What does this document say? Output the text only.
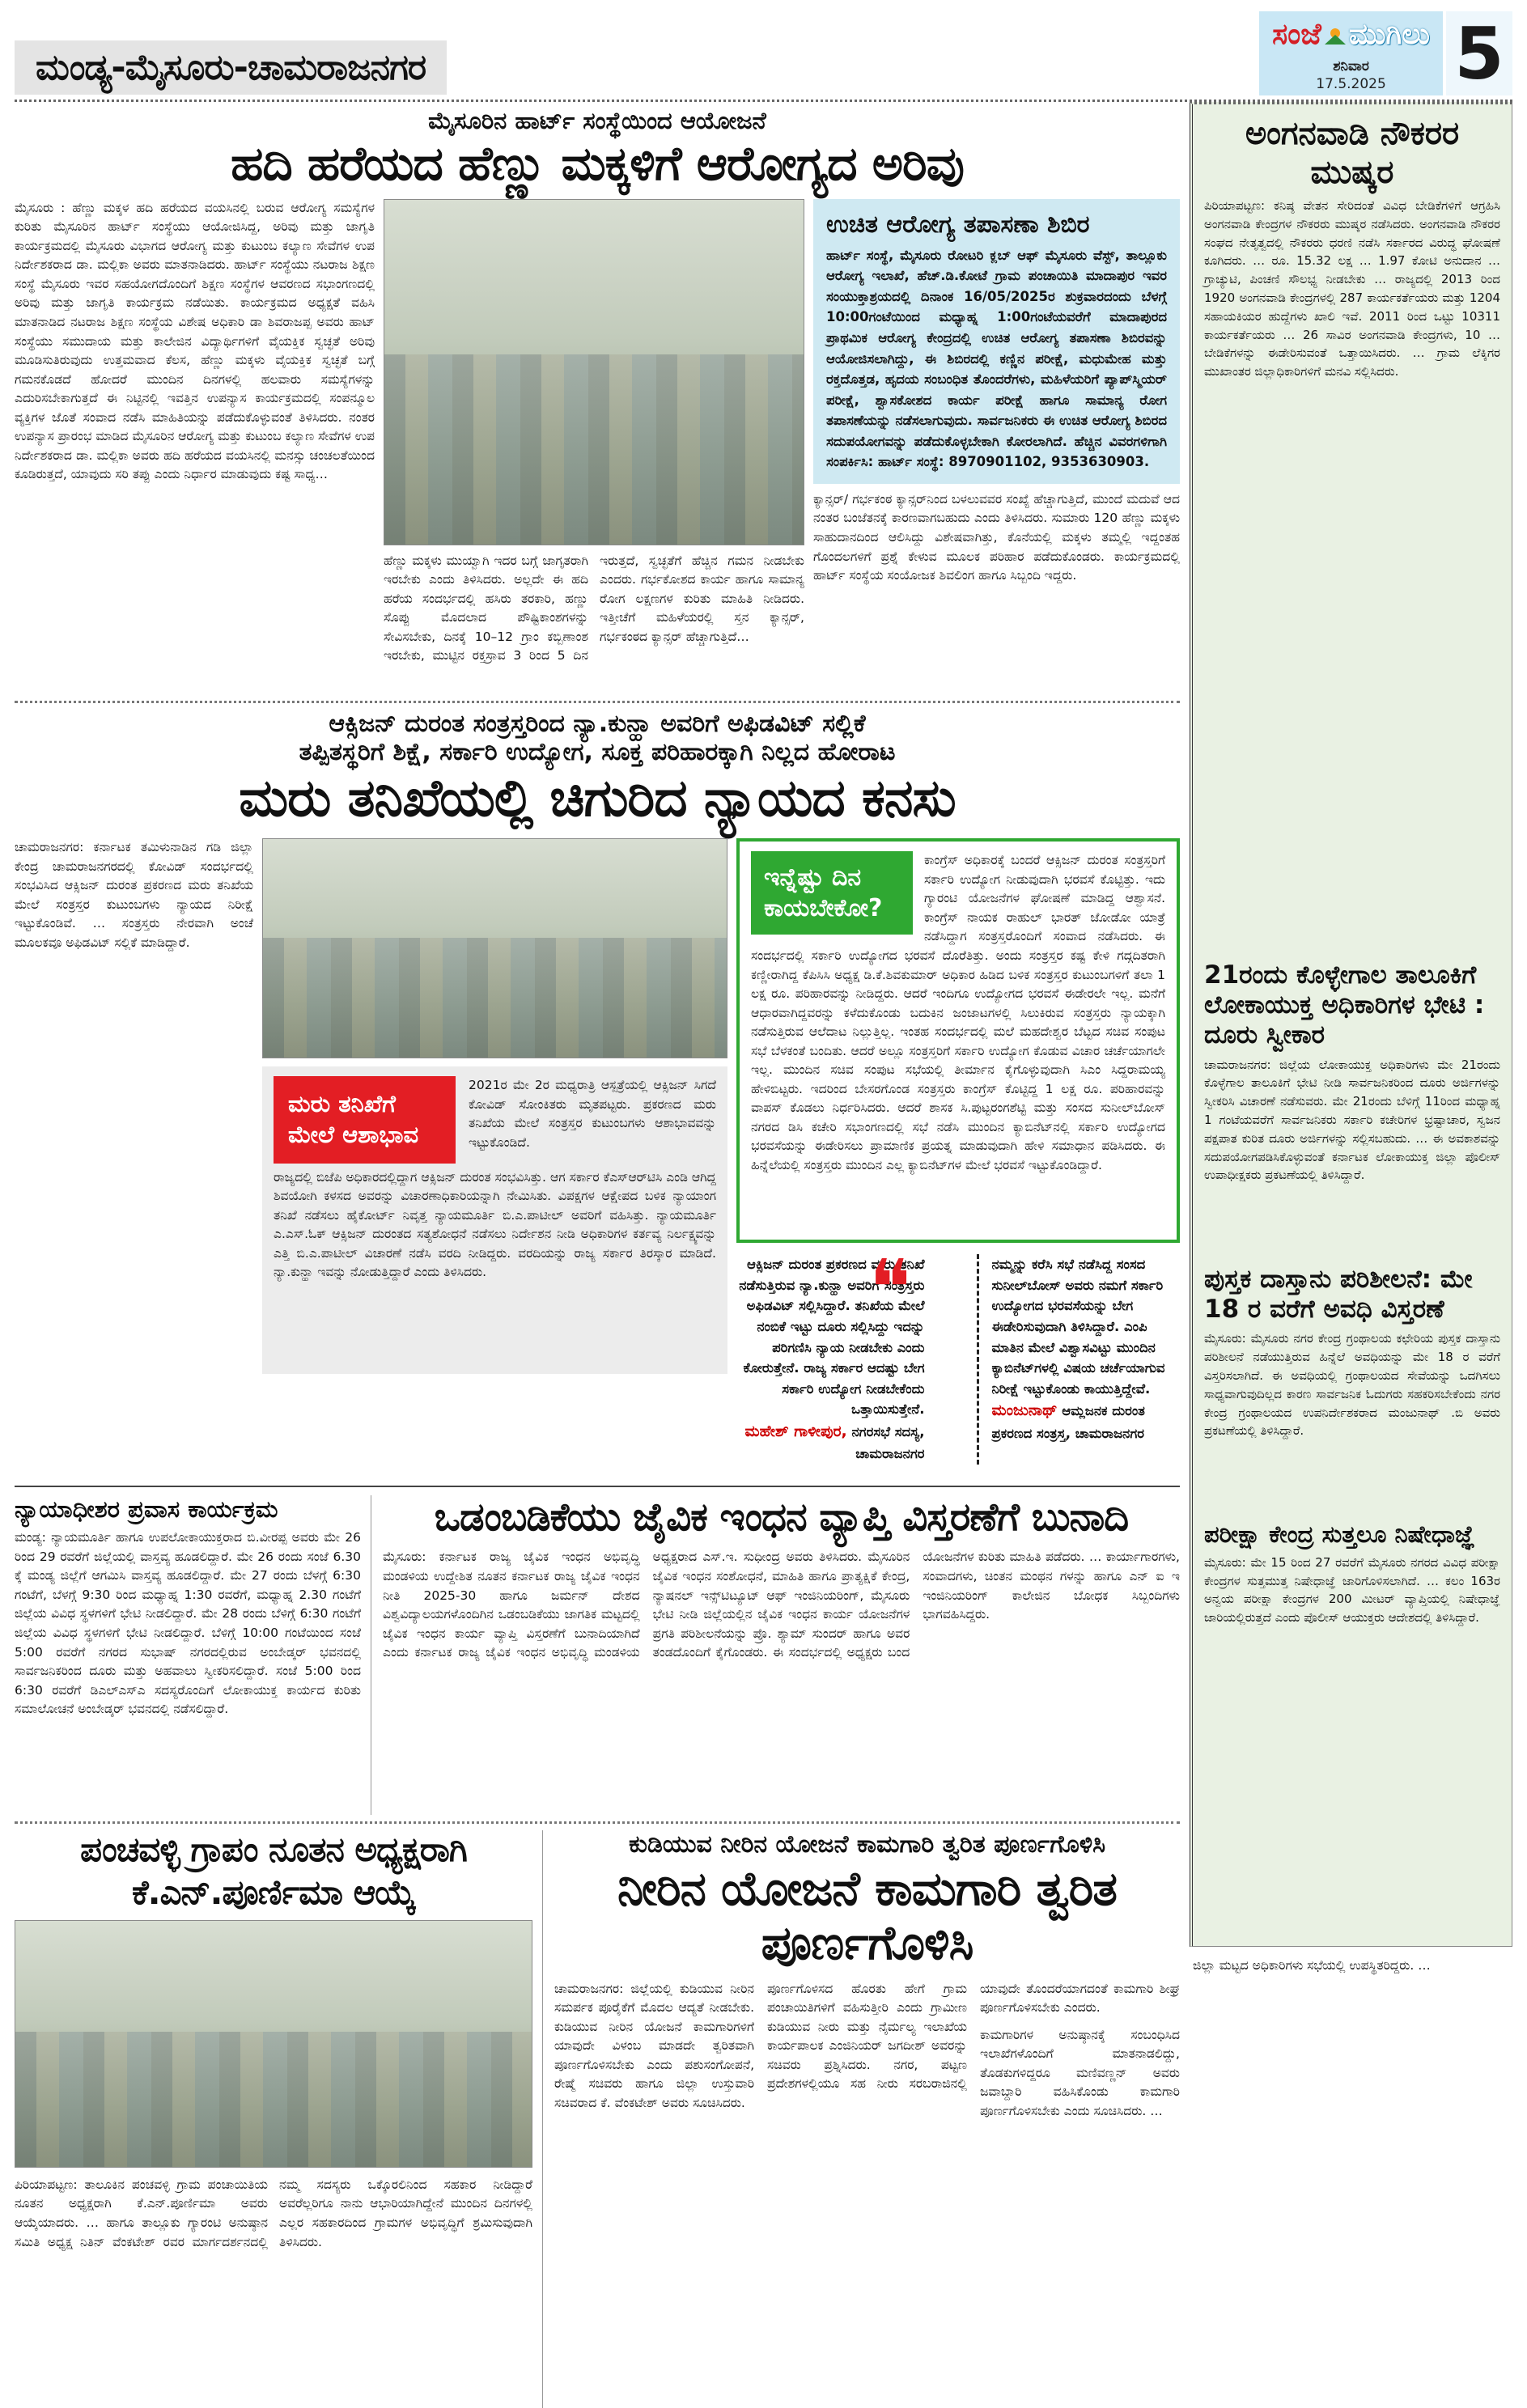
ಮಂಡ್ಯ-ಮೈಸೂರು-ಚಾಮರಾಜನಗರ
ಸಂಜೆ ಮುಗಿಲು
ಶನಿವಾರ
17.5.2025 5
ಮೈಸೂರಿನ ಹಾರ್ಟ್ ಸಂಸ್ಥೆಯಿಂದ ಆಯೋಜನೆ
ಹದಿ ಹರೆಯದ ಹೆಣ್ಣು ಮಕ್ಕಳಿಗೆ ಆರೋಗ್ಯದ ಅರಿವು

ಮೈಸೂರು : ಹೆಣ್ಣು ಮಕ್ಕಳ ಹದಿ ಹರೆಯದ ವಯಸಿನಲ್ಲಿ ಬರುವ ಆರೋಗ್ಯ ಸಮಸ್ಯೆಗಳ ಕುರಿತು ಮೈಸೂರಿನ ಹಾರ್ಟ್ ಸಂಸ್ಥೆಯು ಆಯೋಜಿಸಿದ್ದ, ಅರಿವು ಮತ್ತು ಜಾಗೃತಿ ಕಾರ್ಯಕ್ರಮದಲ್ಲಿ ಮೈಸೂರು ವಿಭಾಗದ ಆರೋಗ್ಯ ಮತ್ತು ಕುಟುಂಬ ಕಲ್ಯಾಣ ಸೇವೆಗಳ ಉಪ ನಿರ್ದೇಶಕರಾದ ಡಾ. ಮಲ್ಲಿಕಾ ಅವರು ಮಾತನಾಡಿದರು. ಹಾರ್ಟ್ ಸಂಸ್ಥೆಯು ನಟರಾಜ ಶಿಕ್ಷಣ ಸಂಸ್ಥೆ ಮೈಸೂರು ಇವರ ಸಹಯೋಗದೊಂದಿಗೆ ಶಿಕ್ಷಣ ಸಂಸ್ಥೆಗಳ ಆವರಣದ ಸಭಾಂಗಣದಲ್ಲಿ ಅರಿವು ಮತ್ತು ಜಾಗೃತಿ ಕಾರ್ಯಕ್ರಮ ನಡೆಯಿತು. ಕಾರ್ಯಕ್ರಮದ ಅಧ್ಯಕ್ಷತೆ ವಹಿಸಿ ಮಾತನಾಡಿದ ನಟರಾಜ ಶಿಕ್ಷಣ ಸಂಸ್ಥೆಯ ವಿಶೇಷ ಅಧಿಕಾರಿ ಡಾ ಶಿವರಾಜಪ್ಪ ಅವರು ಹಾಟ್ ಸಂಸ್ಥೆಯು ಸಮುದಾಯ ಮತ್ತು ಕಾಲೇಜಿನ ವಿದ್ಯಾರ್ಥಿಗಳಿಗೆ ವೈಯಕ್ತಿಕ ಸ್ವಚ್ಛತೆ ಅರಿವು ಮೂಡಿಸುತಿರುವುದು ಉತ್ತಮವಾದ ಕೆಲಸ, ಹೆಣ್ಣು ಮಕ್ಕಳು ವೈಯಕ್ತಿಕ ಸ್ವಚ್ಛತೆ ಬಗ್ಗೆ ಗಮನಕೊಡದೆ ಹೋದರೆ ಮುಂದಿನ ದಿನಗಳಲ್ಲಿ ಹಲವಾರು ಸಮಸ್ಯೆಗಳನ್ನು ಎದುರಿಸಬೇಕಾಗುತ್ತದೆ ಈ ನಿಟ್ಟಿನಲ್ಲಿ ಇವತ್ತಿನ ಉಪನ್ಯಾಸ ಕಾರ್ಯಕ್ರಮದಲ್ಲಿ ಸಂಪನ್ಮೂಲ ವ್ಯಕ್ತಿಗಳ ಜೊತೆ ಸಂವಾದ ನಡೆಸಿ ಮಾಹಿತಿಯನ್ನು ಪಡೆದುಕೊಳ್ಳುವಂತೆ ತಿಳಿಸಿದರು. ನಂತರ ಉಪನ್ಯಾಸ ಪ್ರಾರಂಭ ಮಾಡಿದ ಮೈಸೂರಿನ ಆರೋಗ್ಯ ಮತ್ತು ಕುಟುಂಬ ಕಲ್ಯಾಣ ಸೇವೆಗಳ ಉಪ ನಿರ್ದೇಶಕರಾದ ಡಾ. ಮಲ್ಲಿಕಾ ಅವರು ಹದಿ ಹರೆಯದ ವಯಸಿನಲ್ಲಿ ಮನಸ್ಸು ಚಂಚಲತೆಯಿಂದ ಕೂಡಿರುತ್ತದೆ, ಯಾವುದು ಸರಿ ತಪ್ಪು ಎಂದು ನಿರ್ಧಾರ ಮಾಡುವುದು ಕಷ್ಟ ಸಾಧ್ಯ…

ಹೆಣ್ಣು ಮಕ್ಕಳು ಮುಯ್ವಾಗಿ ಇದರ ಬಗ್ಗೆ ಜಾಗೃತರಾಗಿ ಇರಬೇಕು ಎಂದು ತಿಳಿಸಿದರು. ಅಲ್ಲದೇ ಈ ಹದಿ ಹರೆಯ ಸಂದರ್ಭದಲ್ಲಿ ಹಸಿರು ತರಕಾರಿ, ಹಣ್ಣು ಸೊಪ್ಪು ಮೊದಲಾದ ಪೌಷ್ಟಿಕಾಂಶಗಳನ್ನು ಸೇವಿಸಬೇಕು, ದಿನಕ್ಕೆ 10–12 ಗ್ರಾಂ ಕಬ್ಬಿಣಾಂಶ ಇರಬೇಕು, ಮುಟ್ಟಿನ ರಕ್ತಸ್ರಾವ 3 ರಿಂದ 5 ದಿನ ಇರುತ್ತದೆ, ಸ್ವಚ್ಛತೆಗೆ ಹೆಚ್ಚಿನ ಗಮನ ನೀಡಬೇಕು ಎಂದರು. ಗರ್ಭಕೋಶದ ಕಾರ್ಯ ಹಾಗೂ ಸಾಮಾನ್ಯ ರೋಗ ಲಕ್ಷಣಗಳ ಕುರಿತು ಮಾಹಿತಿ ನೀಡಿದರು. ಇತ್ತೀಚೆಗೆ ಮಹಿಳೆಯರಲ್ಲಿ ಸ್ತನ ಕ್ಯಾನ್ಸರ್, ಗರ್ಭಕಂಠದ ಕ್ಯಾನ್ಸರ್ ಹೆಚ್ಚಾಗುತ್ತಿದೆ…

ಉಚಿತ ಆರೋಗ್ಯ ತಪಾಸಣಾ ಶಿಬಿರ

ಹಾರ್ಟ್ ಸಂಸ್ಥೆ, ಮೈಸೂರು ರೋಟರಿ ಕ್ಲಬ್ ಆಫ್ ಮೈಸೂರು ವೆಸ್ಟ್, ತಾಲ್ಲೂಕು ಆರೋಗ್ಯ ಇಲಾಖೆ, ಹೆಚ್.ಡಿ.ಕೋಟೆ ಗ್ರಾಮ ಪಂಚಾಯಿತಿ ಮಾದಾಪುರ ಇವರ ಸಂಯುಕ್ತಾಶ್ರಯದಲ್ಲಿ ದಿನಾಂಕ 16/05/2025ರ ಶುಕ್ರವಾರದಂದು ಬೆಳಗ್ಗೆ 10:00ಗಂಟೆಯಿಂದ ಮಧ್ಯಾಹ್ನ 1:00ಗಂಟೆಯವರೆಗೆ ಮಾದಾಪುರದ ಪ್ರಾಥಮಿಕ ಆರೋಗ್ಯ ಕೇಂದ್ರದಲ್ಲಿ ಉಚಿತ ಆರೋಗ್ಯ ತಪಾಸಣಾ ಶಿಬಿರವನ್ನು ಆಯೋಜಿಸಲಾಗಿದ್ದು, ಈ ಶಿಬಿರದಲ್ಲಿ ಕಣ್ಣಿನ ಪರೀಕ್ಷೆ, ಮಧುಮೇಹ ಮತ್ತು ರಕ್ತದೊತ್ತಡ, ಹೃದಯ ಸಂಬಂಧಿತ ತೊಂದರೆಗಳು, ಮಹಿಳೆಯರಿಗೆ ಪ್ಯಾಪ್‌ಸ್ಮಿಯರ್ ಪರೀಕ್ಷೆ, ಶ್ವಾಸಕೋಶದ ಕಾರ್ಯ ಪರೀಕ್ಷೆ ಹಾಗೂ ಸಾಮಾನ್ಯ ರೋಗ ತಪಾಸಣೆಯನ್ನು ನಡೆಸಲಾಗುವುದು. ಸಾರ್ವಜನಿಕರು ಈ ಉಚಿತ ಆರೋಗ್ಯ ಶಿಬಿರದ ಸದುಪಯೋಗವನ್ನು ಪಡೆದುಕೊಳ್ಳಬೇಕಾಗಿ ಕೋರಲಾಗಿದೆ. ಹೆಚ್ಚಿನ ವಿವರಗಳಿಗಾಗಿ ಸಂಪರ್ಕಿಸಿ: ಹಾರ್ಟ್ ಸಂಸ್ಥೆ: 8970901102, 9353630903.

ಕ್ಯಾನ್ಸರ್/ ಗರ್ಭಕಂಠ ಕ್ಯಾನ್ಸರ್‌ನಿಂದ ಬಳಲುವವರ ಸಂಖ್ಯೆ ಹೆಚ್ಚಾಗುತ್ತಿದೆ, ಮುಂದೆ ಮದುವೆ ಆದ ನಂತರ ಬಂಜೆತನಕ್ಕೆ ಕಾರಣವಾಗಬಹುದು ಎಂದು ತಿಳಿಸಿದರು. ಸುಮಾರು 120 ಹೆಣ್ಣು ಮಕ್ಕಳು ಸಾಹುದಾನದಿಂದ ಆಲಿಸಿದ್ದು ವಿಶೇಷವಾಗಿತ್ತು, ಕೊನೆಯಲ್ಲಿ ಮಕ್ಕಳು ತಮ್ಮಲ್ಲಿ ಇದ್ದಂತಹ ಗೊಂದಲಗಳಿಗೆ ಪ್ರಶ್ನೆ ಕೇಳುವ ಮೂಲಕ ಪರಿಹಾರ ಪಡೆದುಕೊಂಡರು. ಕಾರ್ಯಕ್ರಮದಲ್ಲಿ ಹಾರ್ಟ್ ಸಂಸ್ಥೆಯ ಸಂಯೋಜಕ ಶಿವಲಿಂಗ ಹಾಗೂ ಸಿಬ್ಬಂದಿ ಇದ್ದರು.

ಆಕ್ಸಿಜನ್ ದುರಂತ ಸಂತ್ರಸ್ತರಿಂದ ನ್ಯಾ.ಕುನ್ಹಾ ಅವರಿಗೆ ಅಫಿಡವಿಟ್ ಸಲ್ಲಿಕೆ
ತಪ್ಪಿತಸ್ಥರಿಗೆ ಶಿಕ್ಷೆ, ಸರ್ಕಾರಿ ಉದ್ಯೋಗ, ಸೂಕ್ತ ಪರಿಹಾರಕ್ಕಾಗಿ ನಿಲ್ಲದ ಹೋರಾಟ
ಮರು ತನಿಖೆಯಲ್ಲಿ ಚಿಗುರಿದ ನ್ಯಾಯದ ಕನಸು

ಚಾಮರಾಜನಗರ: ಕರ್ನಾಟಕ ತಮಿಳುನಾಡಿನ ಗಡಿ ಜಿಲ್ಲಾ ಕೇಂದ್ರ ಚಾಮರಾಜನಗರದಲ್ಲಿ ಕೋವಿಡ್ ಸಂದರ್ಭದಲ್ಲಿ ಸಂಭವಿಸಿದ ಆಕ್ಸಿಜನ್ ದುರಂತ ಪ್ರಕರಣದ ಮರು ತನಿಖೆಯ ಮೇಲೆ ಸಂತ್ರಸ್ತರ ಕುಟುಂಬಗಳು ನ್ಯಾಯದ ನಿರೀಕ್ಷೆ ಇಟ್ಟುಕೊಂಡಿವೆ. … ಸಂತ್ರಸ್ತರು ನೇರವಾಗಿ ಅಂಚೆ ಮೂಲಕವೂ ಅಫಿಡವಿಟ್ ಸಲ್ಲಿಕೆ ಮಾಡಿದ್ದಾರೆ.

ಮರು ತನಿಖೆಗೆ ಮೇಲೆ ಆಶಾಭಾವ

2021ರ ಮೇ 2ರ ಮಧ್ಯರಾತ್ರಿ ಆಸ್ಪತ್ರೆಯಲ್ಲಿ ಆಕ್ಸಿಜನ್ ಸಿಗದೆ ಕೋವಿಡ್ ಸೋಂಕಿತರು ಮೃತಪಟ್ಟರು. ಪ್ರಕರಣದ ಮರು ತನಿಖೆಯ ಮೇಲೆ ಸಂತ್ರಸ್ತರ ಕುಟುಂಬಗಳು ಆಶಾಭಾವವನ್ನು ಇಟ್ಟುಕೊಂಡಿದೆ.

ರಾಜ್ಯದಲ್ಲಿ ಬಿಜೆಪಿ ಅಧಿಕಾರದಲ್ಲಿದ್ದಾಗ ಆಕ್ಸಿಜನ್ ದುರಂತ ಸಂಭವಿಸಿತ್ತು. ಆಗ ಸರ್ಕಾರ ಕೆಎಸ್‌ಆರ್‌ಟಿಸಿ ಎಂಡಿ ಆಗಿದ್ದ ಶಿವಯೋಗಿ ಕಳಸದ ಅವರನ್ನು ವಿಚಾರಣಾಧಿಕಾರಿಯನ್ನಾಗಿ ನೇಮಿಸಿತು. ವಿಪಕ್ಷಗಳ ಆಕ್ಷೇಪದ ಬಳಿಕ ನ್ಯಾಯಾಂಗ ತನಿಖೆ ನಡೆಸಲು ಹೈಕೋರ್ಟ್ ನಿವೃತ್ತ ನ್ಯಾಯಮೂರ್ತಿ ಬಿ.ಎ.ಪಾಟೀಲ್ ಅವರಿಗೆ ವಹಿಸಿತ್ತು. ನ್ಯಾಯಮೂರ್ತಿ ಎ.ಎಸ್.ಓಕ್ ಆಕ್ಸಿಜನ್ ದುರಂತದ ಸತ್ಯಶೋಧನೆ ನಡೆಸಲು ನಿರ್ದೇಶನ ನೀಡಿ ಅಧಿಕಾರಿಗಳ ಕರ್ತವ್ಯ ನಿರ್ಲಕ್ಷ್ಯವನ್ನು ಎತ್ತಿ ಬಿ.ಎ.ಪಾಟೀಲ್ ವಿಚಾರಣೆ ನಡೆಸಿ ವರದಿ ನೀಡಿದ್ದರು. ವರದಿಯನ್ನು ರಾಜ್ಯ ಸರ್ಕಾರ ತಿರಸ್ಕಾರ ಮಾಡಿದೆ. ನ್ಯಾ.ಕುನ್ಹಾ ಇವನ್ನು ನೋಡುತ್ತಿದ್ದಾರೆ ಎಂದು ತಿಳಿಸಿದರು.

ಇನ್ನೆಷ್ಟು ದಿನ ಕಾಯಬೇಕೋ?

ಕಾಂಗ್ರೆಸ್ ಅಧಿಕಾರಕ್ಕೆ ಬಂದರೆ ಆಕ್ಸಿಜನ್ ದುರಂತ ಸಂತ್ರಸ್ತರಿಗೆ ಸರ್ಕಾರಿ ಉದ್ಯೋಗ ನೀಡುವುದಾಗಿ ಭರವಸೆ ಕೊಟ್ಟಿತ್ತು. ಇದು ಗ್ಯಾರಂಟಿ ಯೋಜನೆಗಳ ಘೋಷಣೆ ಮಾಡಿದ್ದ ಆಶ್ವಾಸನೆ. ಕಾಂಗ್ರೆಸ್ ನಾಯಕ ರಾಹುಲ್ ಭಾರತ್ ಜೋಡೋ ಯಾತ್ರೆ ನಡೆಸಿದ್ದಾಗ ಸಂತ್ರಸ್ತರೊಂದಿಗೆ ಸಂವಾದ ನಡೆಸಿದರು. ಈ ಸಂದರ್ಭದಲ್ಲಿ ಸರ್ಕಾರಿ ಉದ್ಯೋಗದ ಭರವಸೆ ದೊರೆತಿತ್ತು. ಅಂದು ಸಂತ್ರಸ್ತರ ಕಷ್ಟ ಕೇಳಿ ಗದ್ಗದಿತರಾಗಿ ಕಣ್ಣೀರಾಗಿದ್ದ ಕೆಪಿಸಿಸಿ ಅಧ್ಯಕ್ಷ ಡಿ.ಕೆ.ಶಿವಕುಮಾರ್ ಅಧಿಕಾರ ಹಿಡಿದ ಬಳಿಕ ಸಂತ್ರಸ್ತರ ಕುಟುಂಬಗಳಿಗೆ ತಲಾ 1 ಲಕ್ಷ ರೂ. ಪರಿಹಾರವನ್ನು ನೀಡಿದ್ದರು. ಆದರೆ ಇಂದಿಗೂ ಉದ್ಯೋಗದ ಭರವಸೆ ಈಡೇರಲೇ ಇಲ್ಲ. ಮನೆಗೆ ಆಧಾರವಾಗಿದ್ದವರನ್ನು ಕಳೆದುಕೊಂಡು ಬದುಕಿನ ಜಂಜಾಟಗಳಲ್ಲಿ ಸಿಲುಕಿರುವ ಸಂತ್ರಸ್ತರು ನ್ಯಾಯಕ್ಕಾಗಿ ನಡೆಸುತ್ತಿರುವ ಆಲೆದಾಟ ನಿಲ್ಲುತ್ತಿಲ್ಲ. ಇಂತಹ ಸಂದರ್ಭದಲ್ಲಿ ಮಲೆ ಮಹದೇಶ್ವರ ಬೆಟ್ಟದ ಸಚಿವ ಸಂಪುಟ ಸಭೆ ಬೆಳಕಂತೆ ಬಂದಿತು. ಆದರೆ ಅಲ್ಲೂ ಸಂತ್ರಸ್ತರಿಗೆ ಸರ್ಕಾರಿ ಉದ್ಯೋಗ ಕೊಡುವ ವಿಚಾರ ಚರ್ಚೆಯಾಗಲೇ ಇಲ್ಲ. ಮುಂದಿನ ಸಚಿವ ಸಂಪುಟ ಸಭೆಯಲ್ಲಿ ತೀರ್ಮಾನ ಕೈಗೊಳ್ಳುವುದಾಗಿ ಸಿಎಂ ಸಿದ್ದರಾಮಯ್ಯ ಹೇಳಿಬಿಟ್ಟರು. ಇದರಿಂದ ಬೇಸರಗೊಂಡ ಸಂತ್ರಸ್ತರು ಕಾಂಗ್ರೆಸ್ ಕೊಟ್ಟಿದ್ದ 1 ಲಕ್ಷ ರೂ. ಪರಿಹಾರವನ್ನು ವಾಪಸ್ ಕೊಡಲು ನಿರ್ಧರಿಸಿದರು. ಆದರೆ ಶಾಸಕ ಸಿ.ಪುಟ್ಟರಂಗಶೆಟ್ಟಿ ಮತ್ತು ಸಂಸದ ಸುನೀಲ್‌ಬೋಸ್ ನಗರದ ಡಿಸಿ ಕಚೇರಿ ಸಭಾಂಗಣದಲ್ಲಿ ಸಭೆ ನಡೆಸಿ ಮುಂದಿನ ಕ್ಯಾಬಿನೆಟ್‌ನಲ್ಲಿ ಸರ್ಕಾರಿ ಉದ್ಯೋಗದ ಭರವಸೆಯನ್ನು ಈಡೇರಿಸಲು ಪ್ರಾಮಾಣಿಕ ಪ್ರಯತ್ನ ಮಾಡುವುದಾಗಿ ಹೇಳಿ ಸಮಾಧಾನ ಪಡಿಸಿದರು. ಈ ಹಿನ್ನೆಲೆಯಲ್ಲಿ ಸಂತ್ರಸ್ತರು ಮುಂದಿನ ಎಲ್ಲ ಕ್ಯಾಬಿನೆಟ್‌ಗಳ ಮೇಲೆ ಭರವಸೆ ಇಟ್ಟುಕೊಂಡಿದ್ದಾರೆ.

❝
ಆಕ್ಸಿಜನ್ ದುರಂತ ಪ್ರಕರಣದ ಮರು ತನಿಖೆ ನಡೆಸುತ್ತಿರುವ ನ್ಯಾ.ಕುನ್ಹಾ ಅವರಿಗೆ ಸಂತ್ರಸ್ತರು ಅಫಿಡವಿಟ್ ಸಲ್ಲಿಸಿದ್ದಾರೆ. ತನಿಖೆಯ ಮೇಲೆ ನಂಬಿಕೆ ಇಟ್ಟು ದೂರು ಸಲ್ಲಿಸಿದ್ದು ಇದನ್ನು ಪರಿಗಣಿಸಿ ನ್ಯಾಯ ನೀಡಬೇಕು ಎಂದು ಕೋರುತ್ತೇನೆ. ರಾಜ್ಯ ಸರ್ಕಾರ ಆದಷ್ಟು ಬೇಗ ಸರ್ಕಾರಿ ಉದ್ಯೋಗ ನೀಡಬೇಕೆಂದು ಒತ್ತಾಯಿಸುತ್ತೇನೆ.
ಮಹೇಶ್ ಗಾಳೀಪುರ, ನಗರಸಭೆ ಸದಸ್ಯ, ಚಾಮರಾಜನಗರ
ನಮ್ಮನ್ನು ಕರೆಸಿ ಸಭೆ ನಡೆಸಿದ್ದ ಸಂಸದ ಸುನೀಲ್‌ಬೋಸ್ ಅವರು ನಮಗೆ ಸರ್ಕಾರಿ ಉದ್ಯೋಗದ ಭರವಸೆಯನ್ನು ಬೇಗ ಈಡೇರಿಸುವುದಾಗಿ ತಿಳಿಸಿದ್ದಾರೆ. ಎಂಪಿ ಮಾತಿನ ಮೇಲೆ ವಿಶ್ವಾಸವಿಟ್ಟು ಮುಂದಿನ ಕ್ಯಾಬಿನೆಟ್‌ಗಳಲ್ಲಿ ವಿಷಯ ಚರ್ಚೆಯಾಗುವ ನಿರೀಕ್ಷೆ ಇಟ್ಟುಕೊಂಡು ಕಾಯುತ್ತಿದ್ದೇವೆ.
ಮಂಜುನಾಥ್ ಆಮ್ಲಜನಕ ದುರಂತ ಪ್ರಕರಣದ ಸಂತ್ರಸ್ತ, ಚಾಮರಾಜನಗರ
ನ್ಯಾಯಾಧೀಶರ ಪ್ರವಾಸ ಕಾರ್ಯಕ್ರಮ

ಮಂಡ್ಯ: ನ್ಯಾಯಮೂರ್ತಿ ಹಾಗೂ ಉಪಲೋಕಾಯುಕ್ತರಾದ ಬಿ.ವೀರಪ್ಪ ಅವರು ಮೇ 26 ರಿಂದ 29 ರವರೆಗೆ ಜಿಲ್ಲೆಯಲ್ಲಿ ವಾಸ್ತವ್ಯ ಹೂಡಲಿದ್ದಾರೆ. ಮೇ 26 ರಂದು ಸಂಜೆ 6.30 ಕ್ಕೆ ಮಂಡ್ಯ ಜಿಲ್ಲೆಗೆ ಆಗಮಿಸಿ ವಾಸ್ತವ್ಯ ಹೂಡಲಿದ್ದಾರೆ. ಮೇ 27 ರಂದು ಬೆಳಗ್ಗೆ 6:30 ಗಂಟೆಗೆ, ಬೆಳಗ್ಗೆ 9:30 ರಿಂದ ಮಧ್ಯಾಹ್ನ 1:30 ರವರೆಗೆ, ಮಧ್ಯಾಹ್ನ 2.30 ಗಂಟೆಗೆ ಜಿಲ್ಲೆಯ ವಿವಿಧ ಸ್ಥಳಗಳಿಗೆ ಭೇಟಿ ನೀಡಲಿದ್ದಾರೆ. ಮೇ 28 ರಂದು ಬೆಳಿಗ್ಗೆ 6:30 ಗಂಟೆಗೆ ಜಿಲ್ಲೆಯ ವಿವಿಧ ಸ್ಥಳಗಳಿಗೆ ಭೇಟಿ ನೀಡಲಿದ್ದಾರೆ. ಬೆಳಿಗ್ಗೆ 10:00 ಗಂಟೆಯಿಂದ ಸಂಜೆ 5:00 ರವರೆಗೆ ನಗರದ ಸುಭಾಷ್ ನಗರದಲ್ಲಿರುವ ಅಂಬೇಡ್ಕರ್ ಭವನದಲ್ಲಿ ಸಾರ್ವಜನಿಕರಿಂದ ದೂರು ಮತ್ತು ಅಹವಾಲು ಸ್ವೀಕರಿಸಲಿದ್ದಾರೆ. ಸಂಜೆ 5:00 ರಿಂದ 6:30 ರವರೆಗೆ ಡಿಎಲ್‌ಎಸ್‌ಎ ಸದಸ್ಯರೊಂದಿಗೆ ಲೋಕಾಯುಕ್ತ ಕಾರ್ಯದ ಕುರಿತು ಸಮಾಲೋಚನೆ ಅಂಬೇಡ್ಕರ್ ಭವನದಲ್ಲಿ ನಡೆಸಲಿದ್ದಾರೆ.

ಒಡಂಬಡಿಕೆಯು ಜೈವಿಕ ಇಂಧನ ವ್ಯಾಪ್ತಿ ವಿಸ್ತರಣೆಗೆ ಬುನಾದಿ

ಮೈಸೂರು: ಕರ್ನಾಟಕ ರಾಜ್ಯ ಜೈವಿಕ ಇಂಧನ ಅಭಿವೃದ್ಧಿ ಮಂಡಳಿಯ ಉದ್ದೇಶಿತ ನೂತನ ಕರ್ನಾಟಕ ರಾಜ್ಯ ಜೈವಿಕ ಇಂಧನ ನೀತಿ 2025-30 ಹಾಗೂ ಜರ್ಮನ್ ದೇಶದ ವಿಶ್ವವಿದ್ಯಾಲಯಗಳೊಂದಿಗಿನ ಒಡಂಬಡಿಕೆಯು ಜಾಗತಿಕ ಮಟ್ಟದಲ್ಲಿ ಜೈವಿಕ ಇಂಧನ ಕಾರ್ಯ ವ್ಯಾಪ್ತಿ ವಿಸ್ತರಣೆಗೆ ಬುನಾದಿಯಾಗಿದೆ ಎಂದು ಕರ್ನಾಟಕ ರಾಜ್ಯ ಜೈವಿಕ ಇಂಧನ ಅಭಿವೃದ್ಧಿ ಮಂಡಳಿಯ ಅಧ್ಯಕ್ಷರಾದ ಎಸ್.ಇ. ಸುಧೀಂದ್ರ ಅವರು ತಿಳಿಸಿದರು. ಮೈಸೂರಿನ ಜೈವಿಕ ಇಂಧನ ಸಂಶೋಧನೆ, ಮಾಹಿತಿ ಹಾಗೂ ಪ್ರಾತ್ಯಕ್ಷಿಕೆ ಕೇಂದ್ರ, ನ್ಯಾಷನಲ್ ಇನ್ಸ್‌ಟಿಟ್ಯೂಟ್ ಆಫ್ ಇಂಜಿನಿಯರಿಂಗ್, ಮೈಸೂರು ಭೇಟಿ ನೀಡಿ ಜಿಲ್ಲೆಯಲ್ಲಿನ ಜೈವಿಕ ಇಂಧನ ಕಾರ್ಯ ಯೋಜನೆಗಳ ಪ್ರಗತಿ ಪರಿಶೀಲನೆಯನ್ನು ಪ್ರೊ. ಶ್ಯಾಮ್ ಸುಂದರ್ ಹಾಗೂ ಅವರ ತಂಡದೊಂದಿಗೆ ಕೈಗೊಂಡರು. ಈ ಸಂದರ್ಭದಲ್ಲಿ ಅಧ್ಯಕ್ಷರು ಬಂದ ಯೋಜನೆಗಳ ಕುರಿತು ಮಾಹಿತಿ ಪಡೆದರು. … ಕಾರ್ಯಾಗಾರಗಳು, ಸಂವಾದಗಳು, ಚಿಂತನ ಮಂಥನ ಗಳನ್ನು ಹಾಗೂ ಎನ್ ಐ ಇ ಇಂಜಿನಿಯರಿಂಗ್ ಕಾಲೇಜಿನ ಬೋಧಕ ಸಿಬ್ಬಂದಿಗಳು ಭಾಗವಹಿಸಿದ್ದರು.

ಪಂಚವಳ್ಳಿ ಗ್ರಾಪಂ ನೂತನ ಅಧ್ಯಕ್ಷರಾಗಿ
ಕೆ.ಎನ್.ಪೂರ್ಣಿಮಾ ಆಯ್ಕೆ

ಪಿರಿಯಾಪಟ್ಟಣ: ತಾಲೂಕಿನ ಪಂಚವಳ್ಳಿ ಗ್ರಾಮ ಪಂಚಾಯಿತಿಯ ನೂತನ ಅಧ್ಯಕ್ಷರಾಗಿ ಕೆ.ಎನ್.ಪೂರ್ಣಿಮಾ ಅವರು ಆಯ್ಕೆಯಾದರು. … ಹಾಗೂ ತಾಲ್ಲೂಕು ಗ್ಯಾರಂಟಿ ಅನುಷ್ಠಾನ ಸಮಿತಿ ಅಧ್ಯಕ್ಷ ನಿತಿನ್ ವೆಂಕಟೇಶ್ ರವರ ಮಾರ್ಗದರ್ಶನದಲ್ಲಿ ನಮ್ಮ ಸದಸ್ಯರು ಒಕ್ಕೊರಲಿನಿಂದ ಸಹಕಾರ ನೀಡಿದ್ದಾರೆ ಅವರೆಲ್ಲರಿಗೂ ನಾನು ಆಭಾರಿಯಾಗಿದ್ದೇನೆ ಮುಂದಿನ ದಿನಗಳಲ್ಲಿ ಎಲ್ಲರ ಸಹಕಾರದಿಂದ ಗ್ರಾಮಗಳ ಅಭಿವೃದ್ಧಿಗೆ ಶ್ರಮಿಸುವುದಾಗಿ ತಿಳಿಸಿದರು.

ಕುಡಿಯುವ ನೀರಿನ ಯೋಜನೆ ಕಾಮಗಾರಿ ತ್ವರಿತ ಪೂರ್ಣಗೊಳಿಸಿ
ನೀರಿನ ಯೋಜನೆ ಕಾಮಗಾರಿ ತ್ವರಿತ ಪೂರ್ಣಗೊಳಿಸಿ

ಚಾಮರಾಜನಗರ: ಜಿಲ್ಲೆಯಲ್ಲಿ ಕುಡಿಯುವ ನೀರಿನ ಸಮರ್ಪಕ ಪೂರೈಕೆಗೆ ಮೊದಲ ಆದ್ಯತೆ ನೀಡಬೇಕು. ಕುಡಿಯುವ ನೀರಿನ ಯೋಜನೆ ಕಾಮಗಾರಿಗಳಿಗೆ ಯಾವುದೇ ವಿಳಂಬ ಮಾಡದೇ ತ್ವರಿತವಾಗಿ ಪೂರ್ಣಗೊಳಿಸಬೇಕು ಎಂದು ಪಶುಸಂಗೋಪನೆ, ರೇಷ್ಮೆ ಸಚಿವರು ಹಾಗೂ ಜಿಲ್ಲಾ ಉಸ್ತುವಾರಿ ಸಚಿವರಾದ ಕೆ. ವೆಂಕಟೇಶ್ ಅವರು ಸೂಚಿಸಿದರು.

ಪೂರ್ಣಗೊಳಿಸದ ಹೊರತು ಹೇಗೆ ಗ್ರಾಮ ಪಂಚಾಯಿತಿಗಳಿಗೆ ವಹಿಸುತ್ತೀರಿ ಎಂದು ಗ್ರಾಮೀಣ ಕುಡಿಯುವ ನೀರು ಮತ್ತು ನೈರ್ಮಲ್ಯ ಇಲಾಖೆಯ ಕಾರ್ಯಪಾಲಕ ಎಂಜಿನಿಯರ್ ಜಗದೀಶ್ ಅವರನ್ನು ಸಚಿವರು ಪ್ರಶ್ನಿಸಿದರು. ನಗರ, ಪಟ್ಟಣ ಪ್ರದೇಶಗಳಲ್ಲಿಯೂ ಸಹ ನೀರು ಸರಬರಾಜಿನಲ್ಲಿ ಯಾವುದೇ ತೊಂದರೆಯಾಗದಂತೆ ಕಾಮಗಾರಿ ಶೀಘ್ರ ಪೂರ್ಣಗೊಳಿಸಬೇಕು ಎಂದರು.

ಕಾಮಗಾರಿಗಳ ಅನುಷ್ಠಾನಕ್ಕೆ ಸಂಬಂಧಿಸಿದ ಇಲಾಖೆಗಳೊಂದಿಗೆ ಮಾತನಾಡಲಿದ್ದು, ತೊಡಕುಗಳಿದ್ದರೂ ಮಣಿವಣ್ಣನ್ ಅವರು ಜವಾಬ್ದಾರಿ ವಹಿಸಿಕೊಂಡು ಕಾಮಗಾರಿ ಪೂರ್ಣಗೊಳಿಸಬೇಕು ಎಂದು ಸೂಚಿಸಿದರು. …

ಅಂಗನವಾಡಿ ನೌಕರರ ಮುಷ್ಕರ

ಪಿರಿಯಾಪಟ್ಟಣ: ಕನಿಷ್ಠ ವೇತನ ಸೇರಿದಂತೆ ವಿವಿಧ ಬೇಡಿಕೆಗಳಿಗೆ ಆಗ್ರಹಿಸಿ ಅಂಗನವಾಡಿ ಕೇಂದ್ರಗಳ ನೌಕರರು ಮುಷ್ಕರ ನಡೆಸಿದರು. ಅಂಗನವಾಡಿ ನೌಕರರ ಸಂಘದ ನೇತೃತ್ವದಲ್ಲಿ ನೌಕರರು ಧರಣಿ ನಡೆಸಿ ಸರ್ಕಾರದ ವಿರುದ್ಧ ಘೋಷಣೆ ಕೂಗಿದರು. … ರೂ. 15.32 ಲಕ್ಷ … 1.97 ಕೋಟಿ ಅನುದಾನ … ಗ್ರಾಚ್ಯುಟಿ, ಪಿಂಚಣಿ ಸೌಲಭ್ಯ ನೀಡಬೇಕು … ರಾಜ್ಯದಲ್ಲಿ 2013 ರಿಂದ 1920 ಅಂಗನವಾಡಿ ಕೇಂದ್ರಗಳಲ್ಲಿ 287 ಕಾರ್ಯಕರ್ತೆಯರು ಮತ್ತು 1204 ಸಹಾಯಕಿಯರ ಹುದ್ದೆಗಳು ಖಾಲಿ ಇವೆ. 2011 ರಿಂದ ಒಟ್ಟು 10311 ಕಾರ್ಯಕರ್ತೆಯರು … 26 ಸಾವಿರ ಅಂಗನವಾಡಿ ಕೇಂದ್ರಗಳು, 10 … ಬೇಡಿಕೆಗಳನ್ನು ಈಡೇರಿಸುವಂತೆ ಒತ್ತಾಯಿಸಿದರು. … ಗ್ರಾಮ ಲೆಕ್ಕಿಗರ ಮುಖಾಂತರ ಜಿಲ್ಲಾಧಿಕಾರಿಗಳಿಗೆ ಮನವಿ ಸಲ್ಲಿಸಿದರು.

21ರಂದು ಕೊಳ್ಳೇಗಾಲ ತಾಲೂಕಿಗೆ ಲೋಕಾಯುಕ್ತ ಅಧಿಕಾರಿಗಳ ಭೇಟಿ : ದೂರು ಸ್ವೀಕಾರ

ಚಾಮರಾಜನಗರ: ಜಿಲ್ಲೆಯ ಲೋಕಾಯುಕ್ತ ಅಧಿಕಾರಿಗಳು ಮೇ 21ರಂದು ಕೊಳ್ಳೆಗಾಲ ತಾಲೂಕಿಗೆ ಭೇಟಿ ನೀಡಿ ಸಾರ್ವಜನಿಕರಿಂದ ದೂರು ಅರ್ಜಿಗಳನ್ನು ಸ್ವೀಕರಿಸಿ ವಿಚಾರಣೆ ನಡೆಸುವರು. ಮೇ 21ರಂದು ಬೆಳಿಗ್ಗೆ 11ರಿಂದ ಮಧ್ಯಾಹ್ನ 1 ಗಂಟೆಯವರೆಗೆ ಸಾರ್ವಜನಿಕರು ಸರ್ಕಾರಿ ಕಚೇರಿಗಳ ಭ್ರಷ್ಟಾಚಾರ, ಸ್ವಜನ ಪಕ್ಷಪಾತ ಕುರಿತ ದೂರು ಅರ್ಜಿಗಳನ್ನು ಸಲ್ಲಿಸಬಹುದು. … ಈ ಅವಕಾಶವನ್ನು ಸದುಪಯೋಗಪಡಿಸಿಕೊಳ್ಳುವಂತೆ ಕರ್ನಾಟಕ ಲೋಕಾಯುಕ್ತ ಜಿಲ್ಲಾ ಪೊಲೀಸ್ ಉಪಾಧೀಕ್ಷಕರು ಪ್ರಕಟಣೆಯಲ್ಲಿ ತಿಳಿಸಿದ್ದಾರೆ.

ಪುಸ್ತಕ ದಾಸ್ತಾನು ಪರಿಶೀಲನೆ: ಮೇ 18 ರ ವರೆಗೆ ಅವಧಿ ವಿಸ್ತರಣೆ

ಮೈಸೂರು: ಮೈಸೂರು ನಗರ ಕೇಂದ್ರ ಗ್ರಂಥಾಲಯ ಕಛೇರಿಯ ಪುಸ್ತಕ ದಾಸ್ತಾನು ಪರಿಶೀಲನೆ ನಡೆಯುತ್ತಿರುವ ಹಿನ್ನೆಲೆ ಅವಧಿಯನ್ನು ಮೇ 18 ರ ವರೆಗೆ ವಿಸ್ತರಿಸಲಾಗಿದೆ. ಈ ಅವಧಿಯಲ್ಲಿ ಗ್ರಂಥಾಲಯದ ಸೇವೆಯನ್ನು ಒದಗಿಸಲು ಸಾಧ್ಯವಾಗುವುದಿಲ್ಲದ ಕಾರಣ ಸಾರ್ವಜನಿಕ ಓದುಗರು ಸಹಕರಿಸಬೇಕೆಂದು ನಗರ ಕೇಂದ್ರ ಗ್ರಂಥಾಲಯದ ಉಪನಿರ್ದೇಶಕರಾದ ಮಂಜುನಾಥ್ .ಬಿ ಅವರು ಪ್ರಕಟಣೆಯಲ್ಲಿ ತಿಳಿಸಿದ್ದಾರೆ.

ಪರೀಕ್ಷಾ ಕೇಂದ್ರ ಸುತ್ತಲೂ ನಿಷೇಧಾಜ್ಞೆ

ಮೈಸೂರು: ಮೇ 15 ರಿಂದ 27 ರವರೆಗೆ ಮೈಸೂರು ನಗರದ ವಿವಿಧ ಪರೀಕ್ಷಾ ಕೇಂದ್ರಗಳ ಸುತ್ತಮುತ್ತ ನಿಷೇಧಾಜ್ಞೆ ಜಾರಿಗೊಳಿಸಲಾಗಿದೆ. … ಕಲಂ 163ರ ಅನ್ವಯ ಪರೀಕ್ಷಾ ಕೇಂದ್ರಗಳ 200 ಮೀಟರ್ ವ್ಯಾಪ್ತಿಯಲ್ಲಿ ನಿಷೇಧಾಜ್ಞೆ ಜಾರಿಯಲ್ಲಿರುತ್ತದೆ ಎಂದು ಪೊಲೀಸ್ ಆಯುಕ್ತರು ಆದೇಶದಲ್ಲಿ ತಿಳಿಸಿದ್ದಾರೆ.

ಜಿಲ್ಲಾ ಮಟ್ಟದ ಅಧಿಕಾರಿಗಳು ಸಭೆಯಲ್ಲಿ ಉಪಸ್ಥಿತರಿದ್ದರು. …
